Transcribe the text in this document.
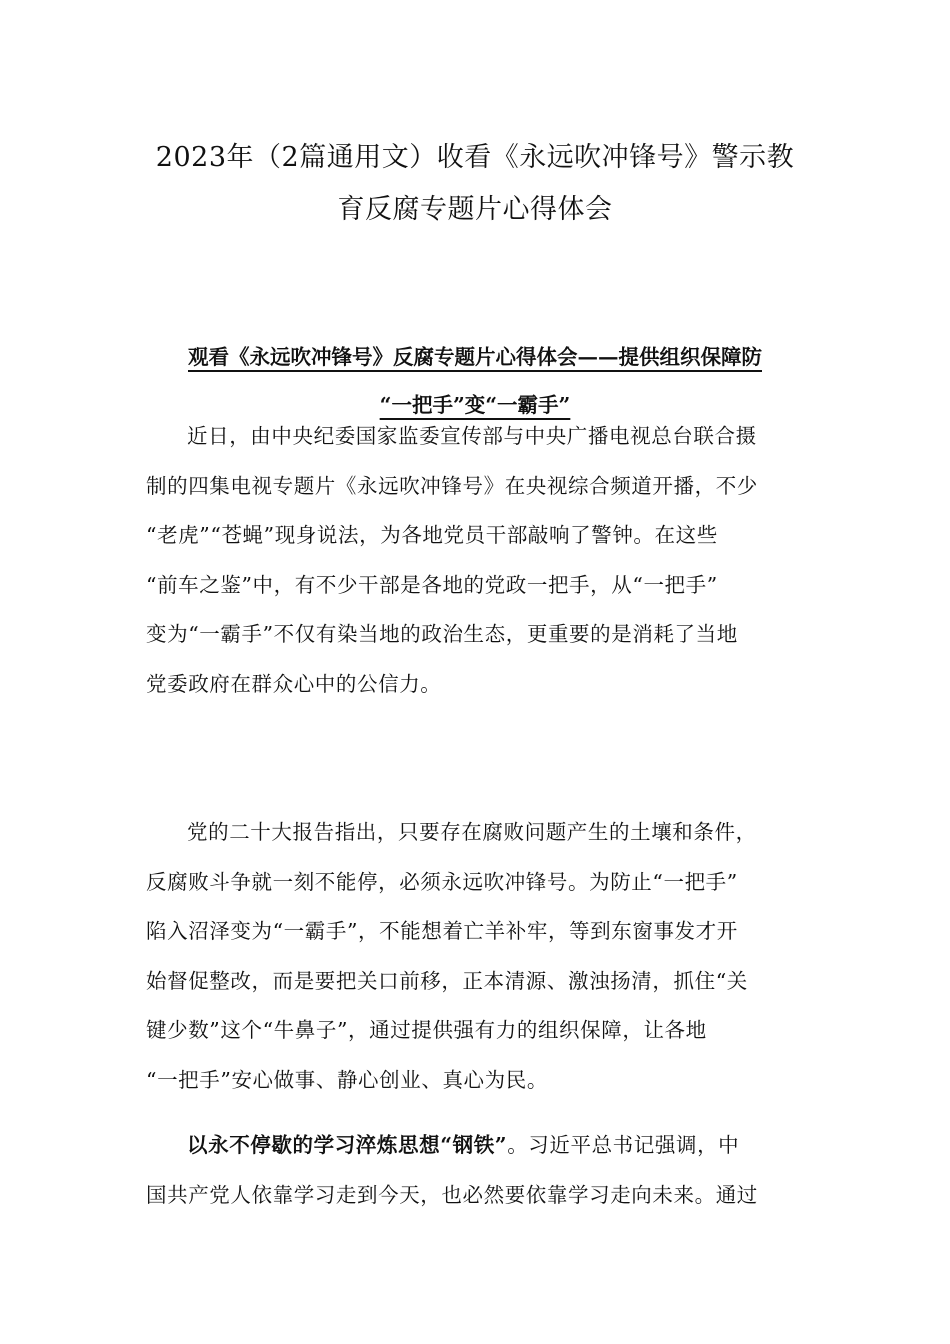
2023年（2篇通用文）收看《永远吹冲锋号》警示教
育反腐专题片心得体会
观看《永远吹冲锋号》反腐专题片心得体会——提供组织保障防
“一把手”变“一霸手”

近日，由中央纪委国家监委宣传部与中央广播电视总台联合摄
制的四集电视专题片《永远吹冲锋号》在央视综合频道开播，不少
“老虎”“苍蝇”现身说法，为各地党员干部敲响了警钟。在这些
“前车之鉴”中，有不少干部是各地的党政一把手，从“一把手”
变为“一霸手”不仅有染当地的政治生态，更重要的是消耗了当地
党委政府在群众心中的公信力。

党的二十大报告指出，只要存在腐败问题产生的土壤和条件，
反腐败斗争就一刻不能停，必须永远吹冲锋号。为防止“一把手”
陷入沼泽变为“一霸手”，不能想着亡羊补牢，等到东窗事发才开
始督促整改，而是要把关口前移，正本清源、激浊扬清，抓住“关
键少数”这个“牛鼻子”，通过提供强有力的组织保障，让各地
“一把手”安心做事、静心创业、真心为民。

以永不停歇的学习淬炼思想“钢铁”。习近平总书记强调，中
国共产党人依靠学习走到今天，也必然要依靠学习走向未来。通过
